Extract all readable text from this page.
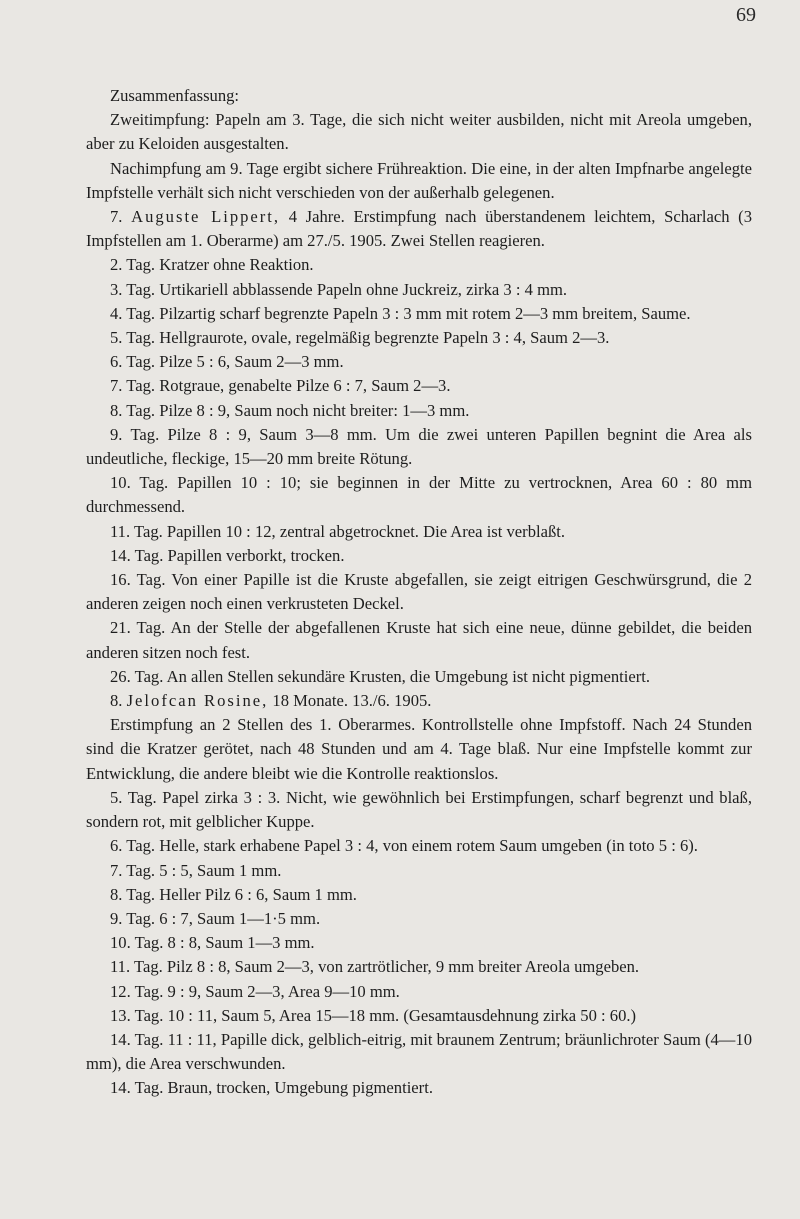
69

Zusammenfassung:

Zweitimpfung: Papeln am 3. Tage, die sich nicht weiter ausbilden, nicht mit Areola umgeben, aber zu Keloiden ausgestalten.

Nachimpfung am 9. Tage ergibt sichere Frühreaktion. Die eine, in der alten Impfnarbe angelegte Impfstelle verhält sich nicht verschieden von der außerhalb gelegenen.

7. Auguste Lippert, 4 Jahre. Erstimpfung nach überstandenem leichtem, Scharlach (3 Impfstellen am 1. Oberarme) am 27./5. 1905. Zwei Stellen reagieren.

2. Tag. Kratzer ohne Reaktion.

3. Tag. Urtikariell abblassende Papeln ohne Juckreiz, zirka 3 : 4 mm.

4. Tag. Pilzartig scharf begrenzte Papeln 3 : 3 mm mit rotem 2—3 mm breitem, Saume.

5. Tag. Hellgraurote, ovale, regelmäßig begrenzte Papeln 3 : 4, Saum 2—3.

6. Tag. Pilze 5 : 6, Saum 2—3 mm.

7. Tag. Rotgraue, genabelte Pilze 6 : 7, Saum 2—3.

8. Tag. Pilze 8 : 9, Saum noch nicht breiter: 1—3 mm.

9. Tag. Pilze 8 : 9, Saum 3—8 mm. Um die zwei unteren Papillen begnint die Area als undeutliche, fleckige, 15—20 mm breite Rötung.

10. Tag. Papillen 10 : 10; sie beginnen in der Mitte zu vertrocknen, Area 60 : 80 mm durchmessend.

11. Tag. Papillen 10 : 12, zentral abgetrocknet. Die Area ist verblaßt.

14. Tag. Papillen verborkt, trocken.

16. Tag. Von einer Papille ist die Kruste abgefallen, sie zeigt eitrigen Geschwürsgrund, die 2 anderen zeigen noch einen verkrusteten Deckel.

21. Tag. An der Stelle der abgefallenen Kruste hat sich eine neue, dünne gebildet, die beiden anderen sitzen noch fest.

26. Tag. An allen Stellen sekundäre Krusten, die Umgebung ist nicht pigmentiert.

8. Jelofcan Rosine, 18 Monate. 13./6. 1905.

Erstimpfung an 2 Stellen des 1. Oberarmes. Kontrollstelle ohne Impfstoff. Nach 24 Stunden sind die Kratzer gerötet, nach 48 Stunden und am 4. Tage blaß. Nur eine Impfstelle kommt zur Entwicklung, die andere bleibt wie die Kontrolle reaktionslos.

5. Tag. Papel zirka 3 : 3. Nicht, wie gewöhnlich bei Erstimpfungen, scharf begrenzt und blaß, sondern rot, mit gelblicher Kuppe.

6. Tag. Helle, stark erhabene Papel 3 : 4, von einem rotem Saum umgeben (in toto 5 : 6).

7. Tag. 5 : 5, Saum 1 mm.

8. Tag. Heller Pilz 6 : 6, Saum 1 mm.

9. Tag. 6 : 7, Saum 1—1·5 mm.

10. Tag. 8 : 8, Saum 1—3 mm.

11. Tag. Pilz 8 : 8, Saum 2—3, von zartrötlicher, 9 mm breiter Areola umgeben.

12. Tag. 9 : 9, Saum 2—3, Area 9—10 mm.

13. Tag. 10 : 11, Saum 5, Area 15—18 mm. (Gesamtausdehnung zirka 50 : 60.)

14. Tag. 11 : 11, Papille dick, gelblich-eitrig, mit braunem Zentrum; bräunlichroter Saum (4—10 mm), die Area verschwunden.

14. Tag. Braun, trocken, Umgebung pigmentiert.
